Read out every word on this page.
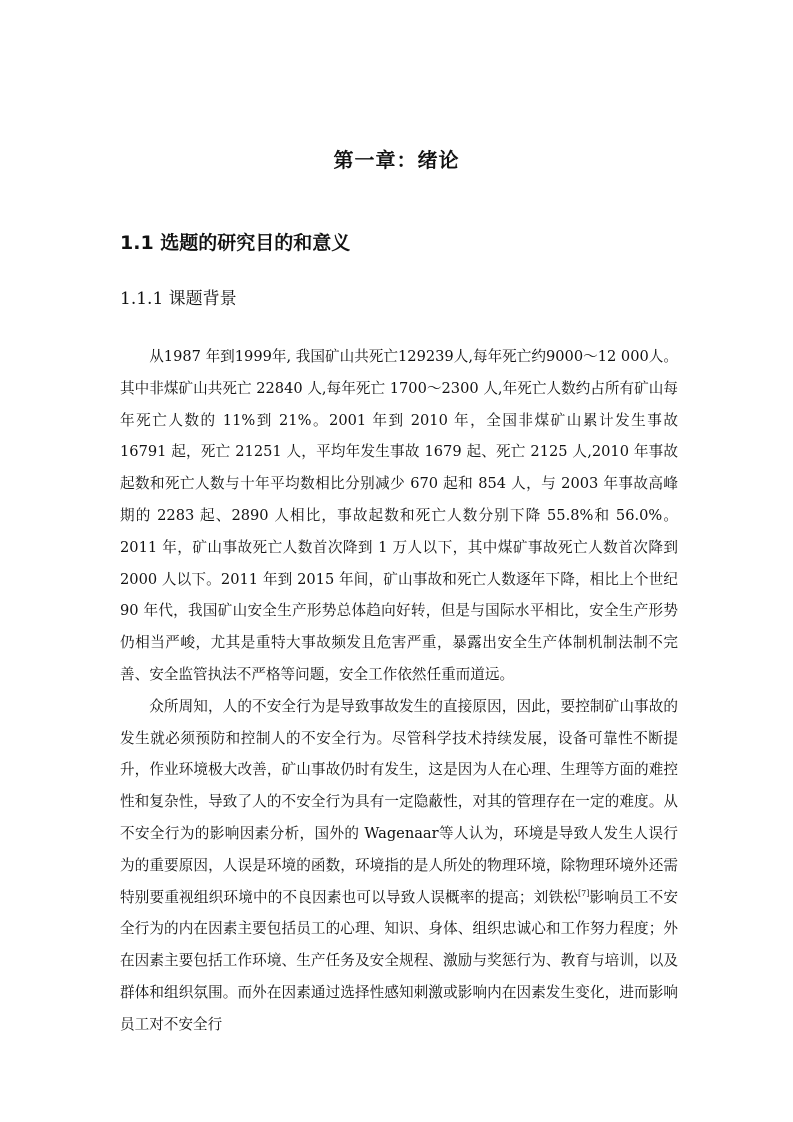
第一章：绪论
1.1 选题的研究目的和意义
1.1.1 课题背景

从1987 年到1999年, 我国矿山共死亡129239人,每年死亡约9000～12 000人。其中非煤矿山共死亡 22840 人,每年死亡 1700～2300 人,年死亡人数约占所有矿山每年死亡人数的 11%到 21%。2001 年到 2010 年，全国非煤矿山累计发生事故 16791 起，死亡 21251 人，平均年发生事故 1679 起、死亡 2125 人,2010 年事故起数和死亡人数与十年平均数相比分别减少 670 起和 854 人，与 2003 年事故高峰期的 2283 起、2890 人相比，事故起数和死亡人数分别下降 55.8%和 56.0%。2011 年，矿山事故死亡人数首次降到 1 万人以下，其中煤矿事故死亡人数首次降到 2000 人以下。2011 年到 2015 年间，矿山事故和死亡人数逐年下降，相比上个世纪 90 年代，我国矿山安全生产形势总体趋向好转，但是与国际水平相比，安全生产形势仍相当严峻，尤其是重特大事故频发且危害严重，暴露出安全生产体制机制法制不完善、安全监管执法不严格等问题，安全工作依然任重而道远。

众所周知，人的不安全行为是导致事故发生的直接原因，因此，要控制矿山事故的发生就必须预防和控制人的不安全行为。尽管科学技术持续发展，设备可靠性不断提升，作业环境极大改善，矿山事故仍时有发生，这是因为人在心理、生理等方面的难控性和复杂性，导致了人的不安全行为具有一定隐蔽性，对其的管理存在一定的难度。从不安全行为的影响因素分析，国外的 Wagenaar等人认为，环境是导致人发生人误行为的重要原因，人误是环境的函数，环境指的是人所处的物理环境，除物理环境外还需特别要重视组织环境中的不良因素也可以导致人误概率的提高；刘铁松[7]影响员工不安全行为的内在因素主要包括员工的心理、知识、身体、组织忠诚心和工作努力程度；外在因素主要包括工作环境、生产任务及安全规程、激励与奖惩行为、教育与培训，以及群体和组织氛围。而外在因素通过选择性感知刺激或影响内在因素发生变化，进而影响员工对不安全行
